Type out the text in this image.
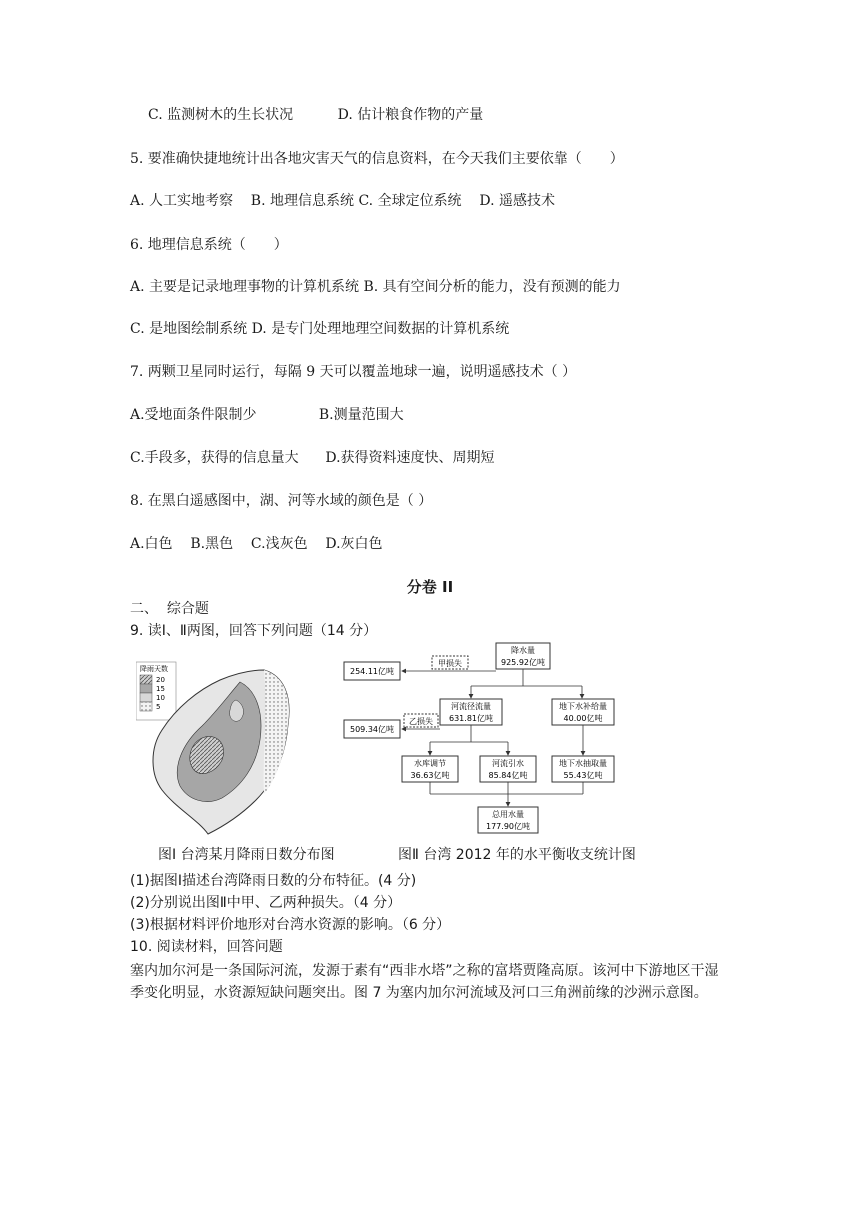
C. 监测树木的生长状况          D. 估计粮食作物的产量
5. 要准确快捷地统计出各地灾害天气的信息资料，在今天我们主要依靠（　　）
A. 人工实地考察    B. 地理信息系统 C. 全球定位系统    D. 遥感技术
6. 地理信息系统（　　）
A. 主要是记录地理事物的计算机系统 B. 具有空间分析的能力，没有预测的能力
C. 是地图绘制系统 D. 是专门处理地理空间数据的计算机系统
7. 两颗卫星同时运行，每隔 9 天可以覆盖地球一遍，说明遥感技术（ ）
A.受地面条件限制少              B.测量范围大
C.手段多，获得的信息量大      D.获得资料速度快、周期短
8. 在黑白遥感图中，湖、河等水域的颜色是（ ）
A.白色    B.黑色    C.浅灰色    D.灰白色
分卷 II
二、  综合题
9. 读Ⅰ、Ⅱ两图，回答下列问题（14 分）
降雨天数
20
15
10
5
降水量
925.92亿吨
254.11亿吨
甲损失
河流径流量
631.81亿吨
地下水补给量
40.00亿吨
509.34亿吨
乙损失
水库调节
36.63亿吨
河流引水
85.84亿吨
地下水抽取量
55.43亿吨
总用水量
177.90亿吨
图Ⅰ 台湾某月降雨日数分布图	图Ⅱ 台湾 2012 年的水平衡收支统计图
(1)据图Ⅰ描述台湾降雨日数的分布特征。(4 分)
(2)分别说出图Ⅱ中甲、乙两种损失。（4 分）
(3)根据材料评价地形对台湾水资源的影响。（6 分）
10. 阅读材料，回答问题
塞内加尔河是一条国际河流，发源于素有“西非水塔”之称的富塔贾隆高原。该河中下游地区干湿季变化明显，水资源短缺问题突出。图 7 为塞内加尔河流域及河口三角洲前缘的沙洲示意图。
